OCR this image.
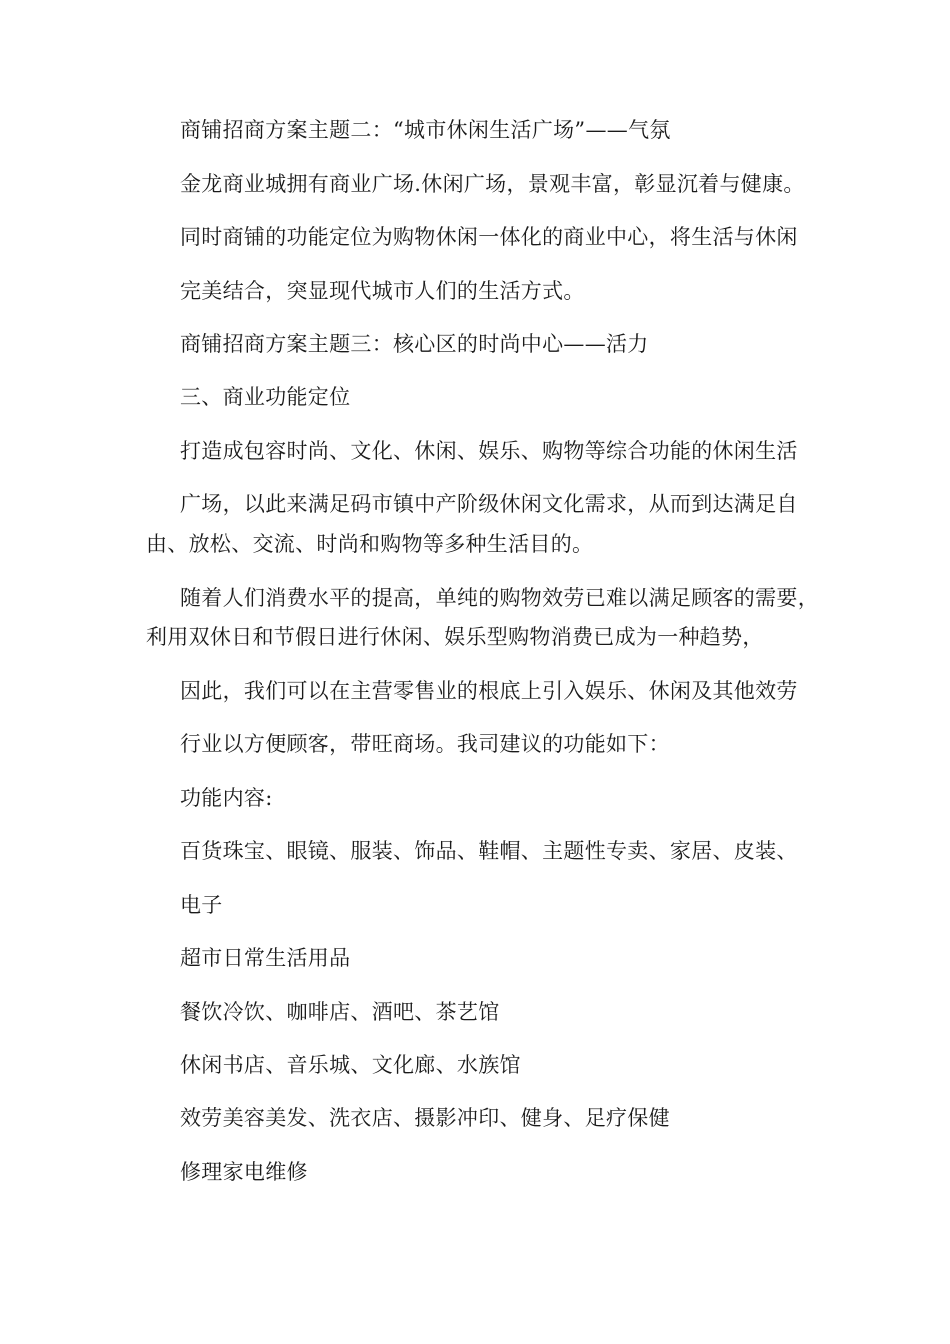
商铺招商方案主题二：“城市休闲生活广场”——气氛
金龙商业城拥有商业广场.休闲广场，景观丰富，彰显沉着与健康。
同时商铺的功能定位为购物休闲一体化的商业中心，将生活与休闲
完美结合，突显现代城市人们的生活方式。
商铺招商方案主题三：核心区的时尚中心——活力
三、商业功能定位
打造成包容时尚、文化、休闲、娱乐、购物等综合功能的休闲生活
广场，以此来满足码市镇中产阶级休闲文化需求，从而到达满足自
由、放松、交流、时尚和购物等多种生活目的。
随着人们消费水平的提高，单纯的购物效劳已难以满足顾客的需要，
利用双休日和节假日进行休闲、娱乐型购物消费已成为一种趋势，
因此，我们可以在主营零售业的根底上引入娱乐、休闲及其他效劳
行业以方便顾客，带旺商场。我司建议的功能如下：
功能内容:
百货珠宝、眼镜、服装、饰品、鞋帽、主题性专卖、家居、皮装、
电子
超市日常生活用品
餐饮冷饮、咖啡店、酒吧、茶艺馆
休闲书店、音乐城、文化廊、水族馆
效劳美容美发、洗衣店、摄影冲印、健身、足疗保健
修理家电维修
